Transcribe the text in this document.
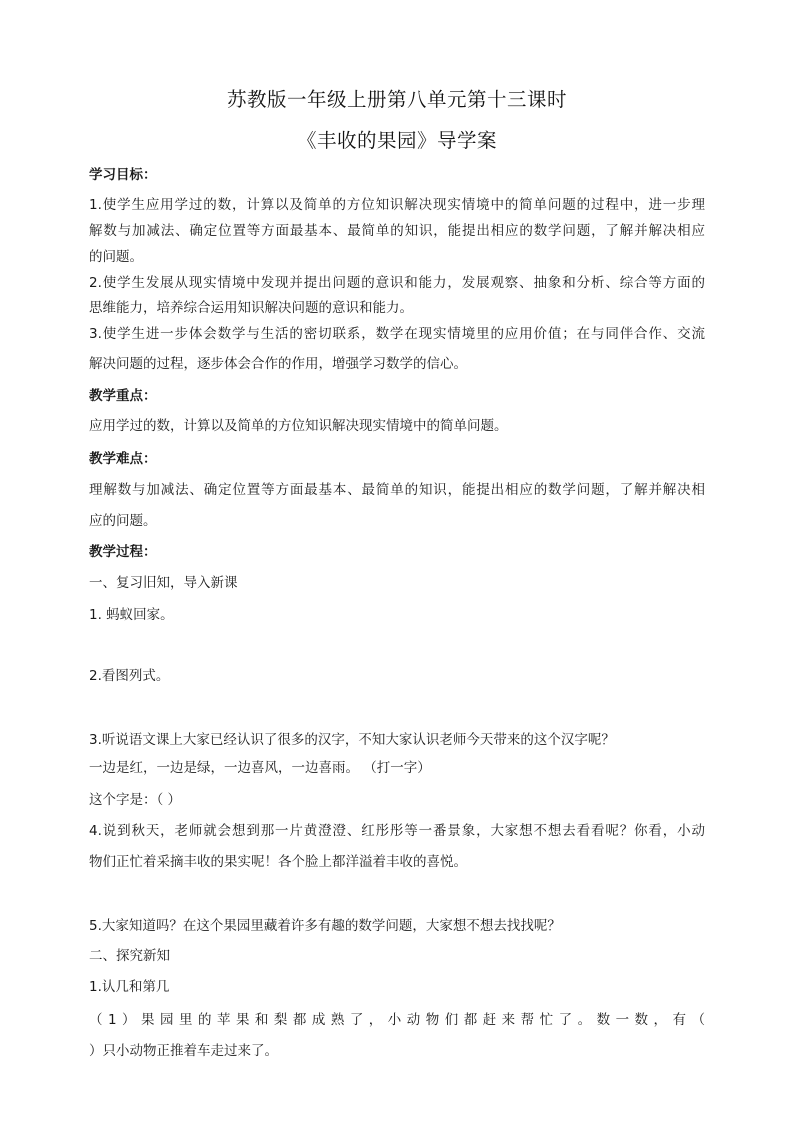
苏教版一年级上册第八单元第十三课时
《丰收的果园》导学案
学习目标：
1.使学生应用学过的数，计算以及简单的方位知识解决现实情境中的简单问题的过程中，进一步理
解数与加减法、确定位置等方面最基本、最简单的知识，能提出相应的数学问题，了解并解决相应
的问题。
2.使学生发展从现实情境中发现并提出问题的意识和能力，发展观察、抽象和分析、综合等方面的
思维能力，培养综合运用知识解决问题的意识和能力。
3.使学生进一步体会数学与生活的密切联系，数学在现实情境里的应用价值；在与同伴合作、交流
解决问题的过程，逐步体会合作的作用，增强学习数学的信心。
教学重点：
应用学过的数，计算以及简单的方位知识解决现实情境中的简单问题。
教学难点：
理解数与加减法、确定位置等方面最基本、最简单的知识，能提出相应的数学问题，了解并解决相
应的问题。
教学过程：
一、复习旧知，导入新课
1. 蚂蚁回家。
2.看图列式。
3.听说语文课上大家已经认识了很多的汉字，不知大家认识老师今天带来的这个汉字呢？
一边是红，一边是绿，一边喜风，一边喜雨。 （打一字）
这个字是：（ ）
4.说到秋天，老师就会想到那一片黄澄澄、红彤彤等一番景象，大家想不想去看看呢？你看，小动
物们正忙着采摘丰收的果实呢！各个脸上都洋溢着丰收的喜悦。
5.大家知道吗？在这个果园里藏着许多有趣的数学问题，大家想不想去找找呢？
二、探究新知
1.认几和第几
（1）果园里的苹果和梨都成熟了，小动物们都赶来帮忙了。数一数，有（
）只小动物正推着车走过来了。
